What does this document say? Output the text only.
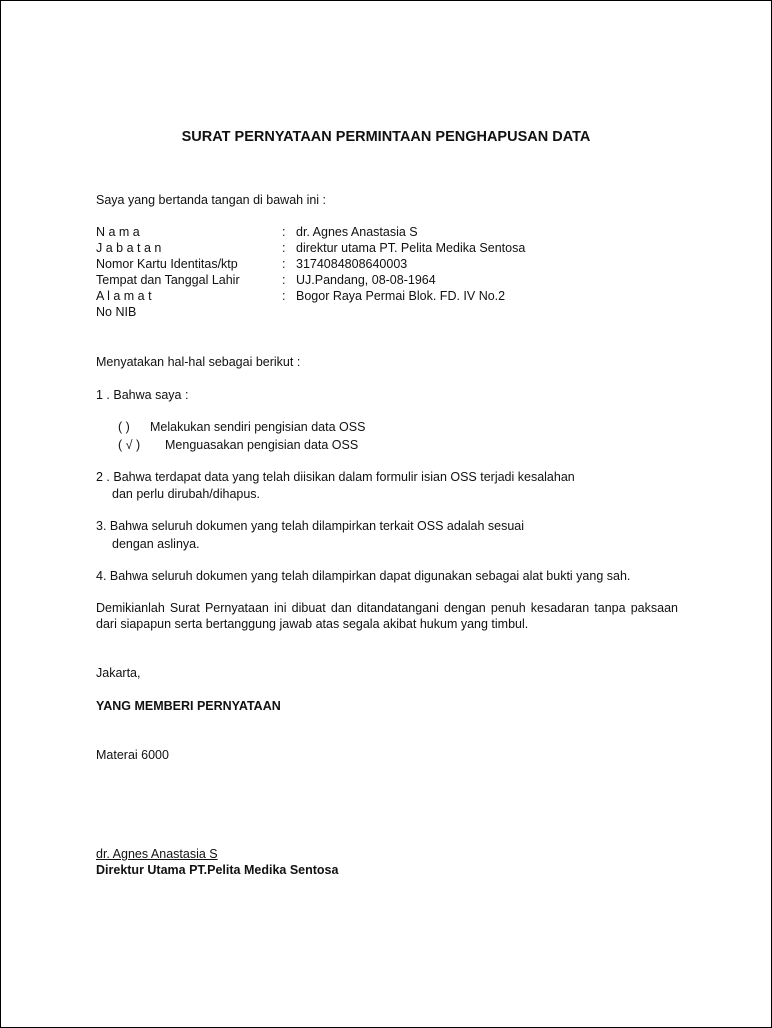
SURAT PERNYATAAN PERMINTAAN PENGHAPUSAN DATA
Saya yang bertanda tangan di bawah ini :
N a m a	: dr. Agnes Anastasia S
J a b a t a n	: direktur utama PT. Pelita Medika Sentosa
Nomor Kartu Identitas/ktp	: 3174084808640003
Tempat dan Tanggal Lahir	: UJ.Pandang, 08-08-1964
A l a m a t	: Bogor Raya Permai Blok. FD. IV No.2
No NIB
Menyatakan hal-hal sebagai berikut :
1 . Bahwa saya :
( ) Melakukan sendiri pengisian data OSS
( √ ) Menguasakan pengisian data OSS
2 . Bahwa terdapat data yang telah diisikan dalam formulir isian OSS terjadi kesalahan
dan perlu dirubah/dihapus.
3. Bahwa seluruh dokumen yang telah dilampirkan terkait OSS adalah sesuai
dengan aslinya.
4. Bahwa seluruh dokumen yang telah dilampirkan dapat digunakan sebagai alat bukti yang sah.
Demikianlah Surat Pernyataan ini dibuat dan ditandatangani dengan penuh kesadaran tanpa paksaan dari siapapun serta bertanggung jawab atas segala akibat hukum yang timbul.
Jakarta,
YANG MEMBERI PERNYATAAN
Materai 6000
dr. Agnes Anastasia S
Direktur Utama PT.Pelita Medika Sentosa
